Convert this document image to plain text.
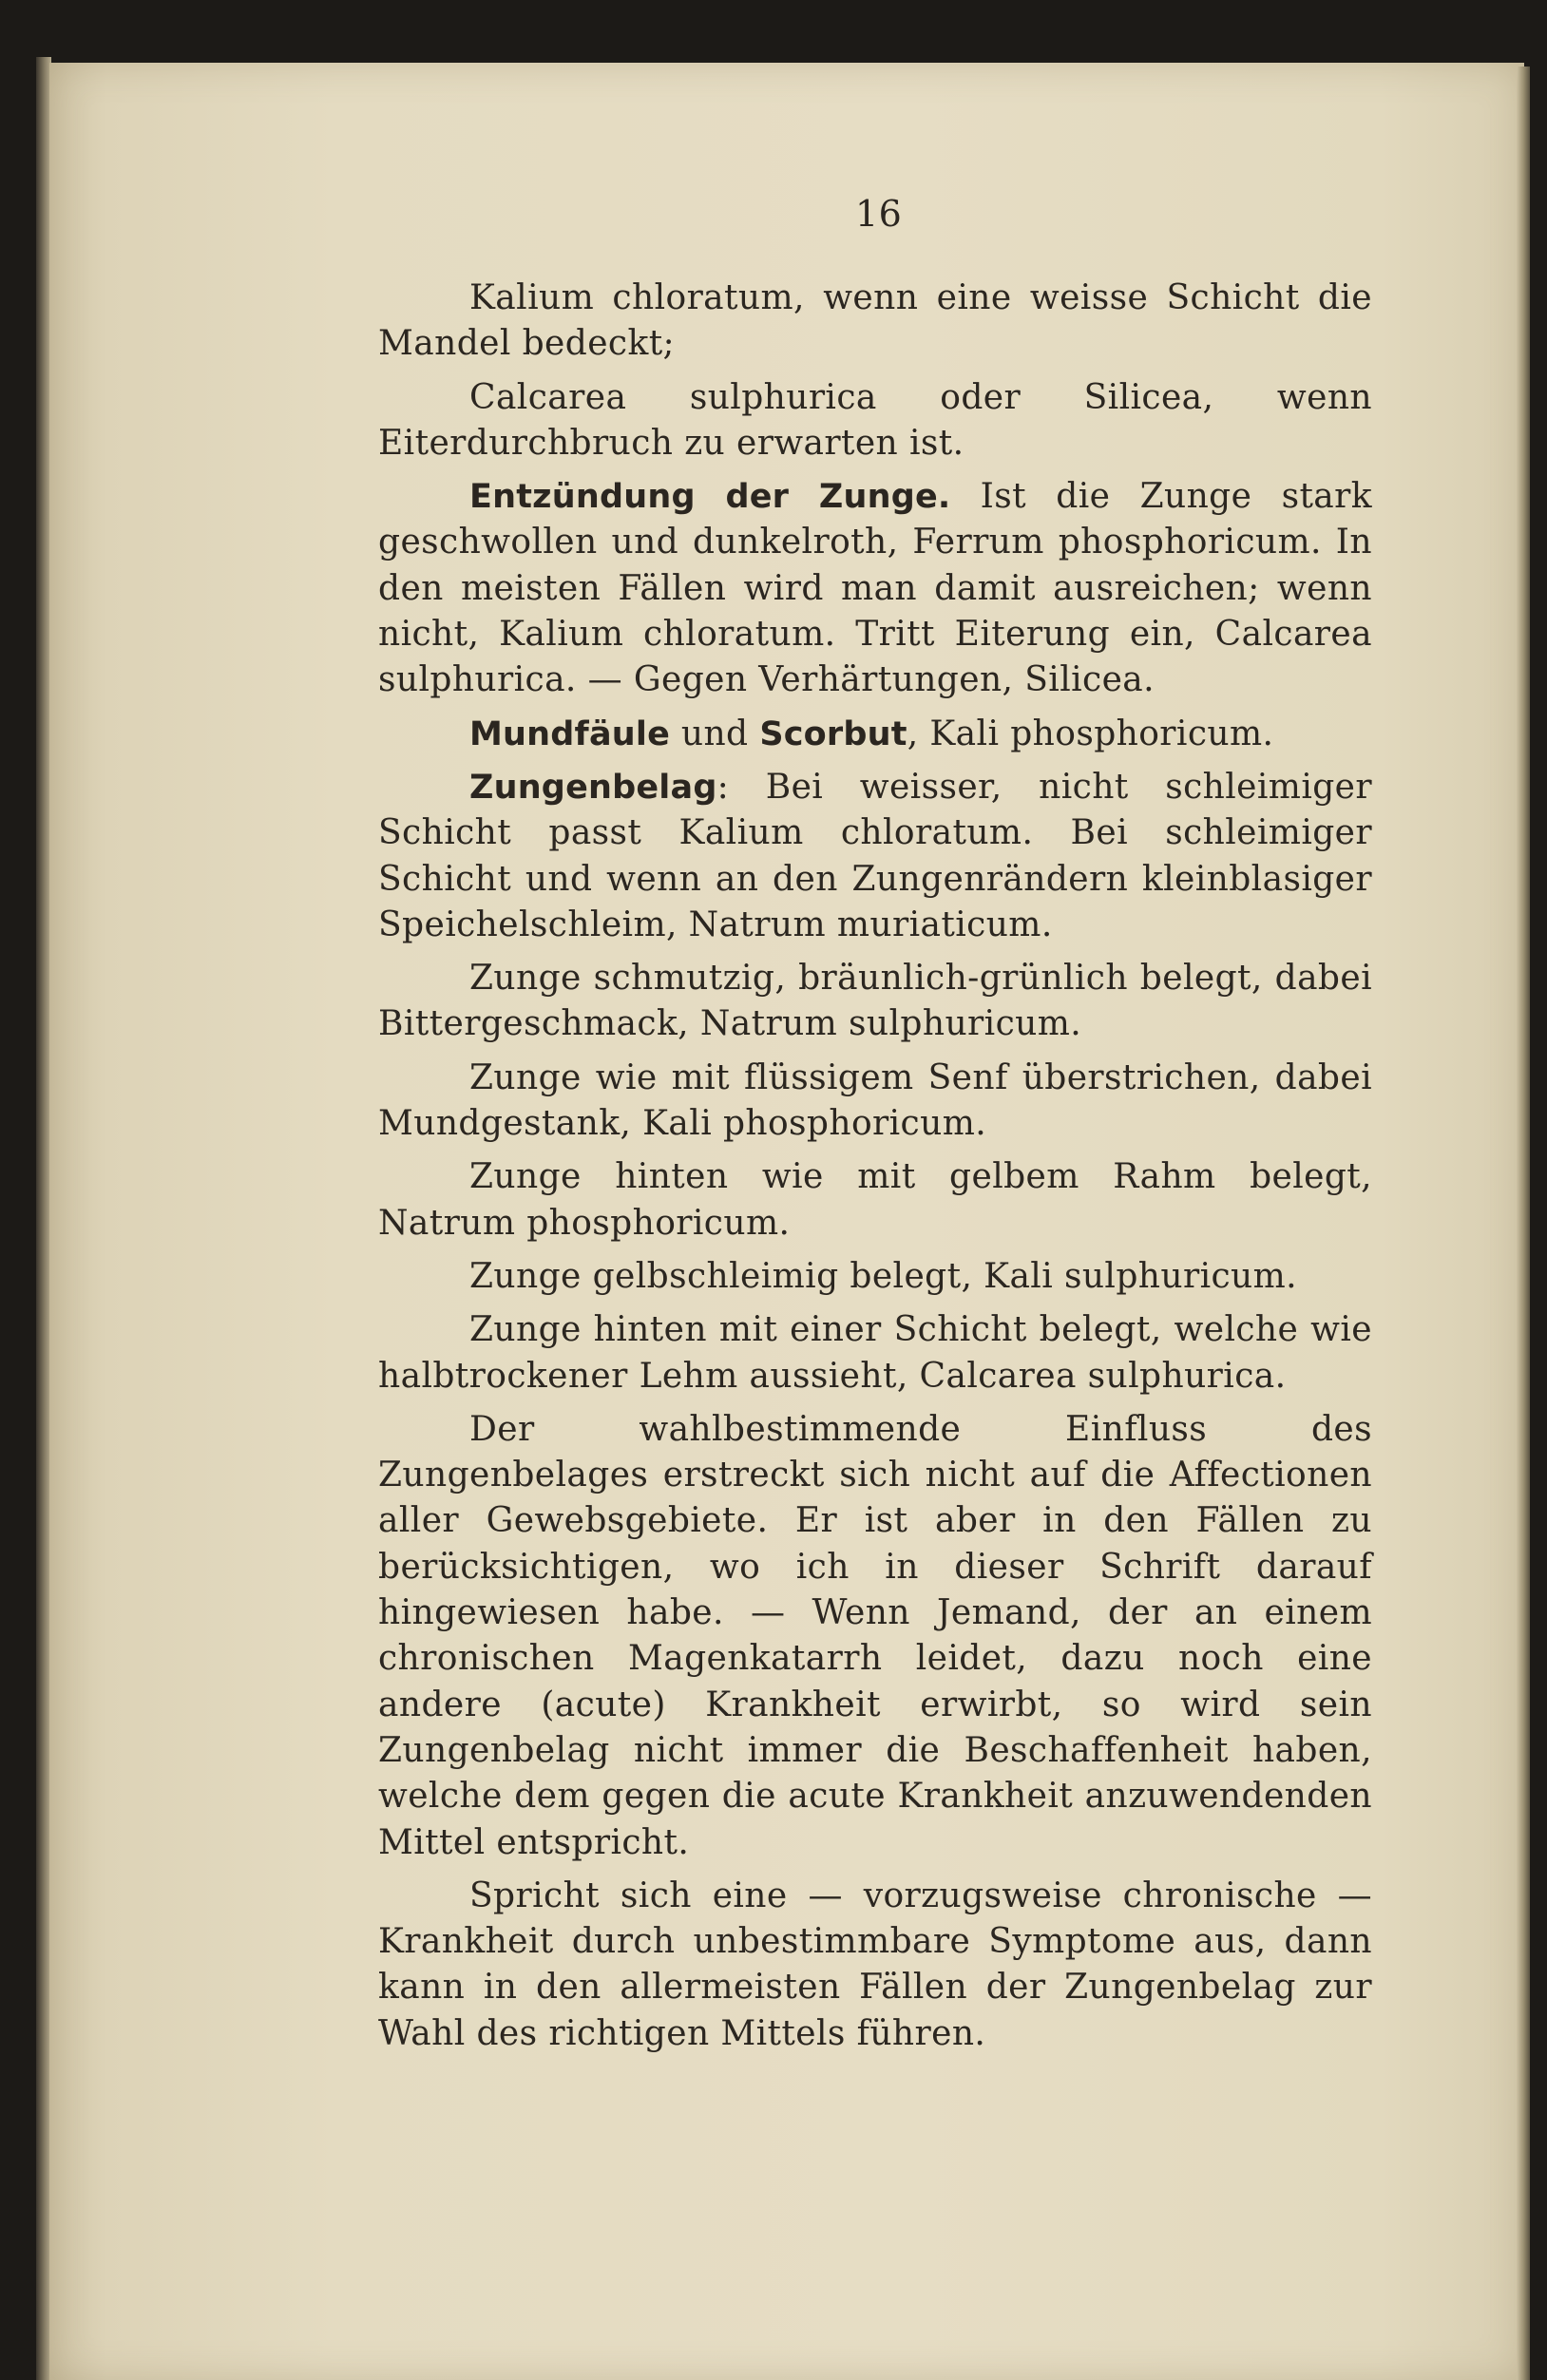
16

Kalium chloratum, wenn eine weisse Schicht die Mandel bedeckt;

Calcarea sulphurica oder Silicea, wenn Eiterdurchbruch zu erwarten ist.

Entzündung der Zunge. Ist die Zunge stark geschwollen und dunkelroth, Ferrum phosphoricum. In den meisten Fällen wird man damit ausreichen; wenn nicht, Kalium chloratum. Tritt Eiterung ein, Calcarea sulphurica. — Gegen Verhärtungen, Silicea.

Mundfäule und Scorbut, Kali phosphoricum.

Zungenbelag: Bei weisser, nicht schleimiger Schicht passt Kalium chloratum. Bei schleimiger Schicht und wenn an den Zungenrändern kleinblasiger Speichelschleim, Natrum muriaticum.

Zunge schmutzig, bräunlich-grünlich belegt, dabei Bittergeschmack, Natrum sulphuricum.

Zunge wie mit flüssigem Senf überstrichen, dabei Mundgestank, Kali phosphoricum.

Zunge hinten wie mit gelbem Rahm belegt, Natrum phosphoricum.

Zunge gelbschleimig belegt, Kali sulphuricum.

Zunge hinten mit einer Schicht belegt, welche wie halbtrockener Lehm aussieht, Calcarea sulphurica.

Der wahlbestimmende Einfluss des Zungenbelages erstreckt sich nicht auf die Affectionen aller Gewebsgebiete. Er ist aber in den Fällen zu berücksichtigen, wo ich in dieser Schrift darauf hingewiesen habe. — Wenn Jemand, der an einem chronischen Magenkatarrh leidet, dazu noch eine andere (acute) Krankheit erwirbt, so wird sein Zungenbelag nicht immer die Beschaffenheit haben, welche dem gegen die acute Krankheit anzuwendenden Mittel entspricht.

Spricht sich eine — vorzugsweise chronische — Krankheit durch unbestimmbare Symptome aus, dann kann in den allermeisten Fällen der Zungenbelag zur Wahl des richtigen Mittels führen.
